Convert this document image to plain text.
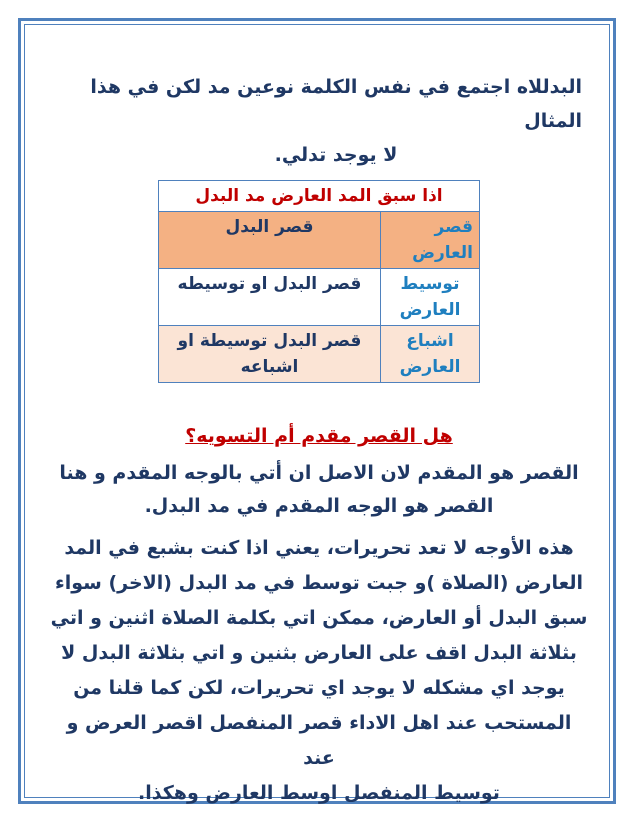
البدللاه اجتمع في نفس الكلمة نوعين مد لكن في هذا المثال
لا يوجد تدلي.

اذا سبق المد العارض مد البدل	
قصر العارض	قصر البدل
توسيط العارض	قصر البدل او توسيطه
اشباع العارض	قصر البدل توسيطة او اشباعه

هل القصر مقدم أم التسويه؟

القصر هو المقدم لان الاصل ان أتي بالوجه المقدم و هنا
القصر هو الوجه المقدم في مد البدل.

هذه الأوجه لا تعد تحريرات، يعني اذا كنت بشبع في المد
العارض (الصلاة )و جبت توسط في مد البدل (الاخر) سواء
سبق البدل أو العارض، ممكن اتي بكلمة الصلاة اثنين و اتي
بثلاثة البدل اقف على العارض بثنين و اتي بثلاثة البدل لا
يوجد اي مشكله لا يوجد اي تحريرات، لكن كما قلنا من
المستحب عند اهل الاداء قصر المنفصل اقصر العرض و عند
توسيط المنفصل اوسط العارض وهكذا.
